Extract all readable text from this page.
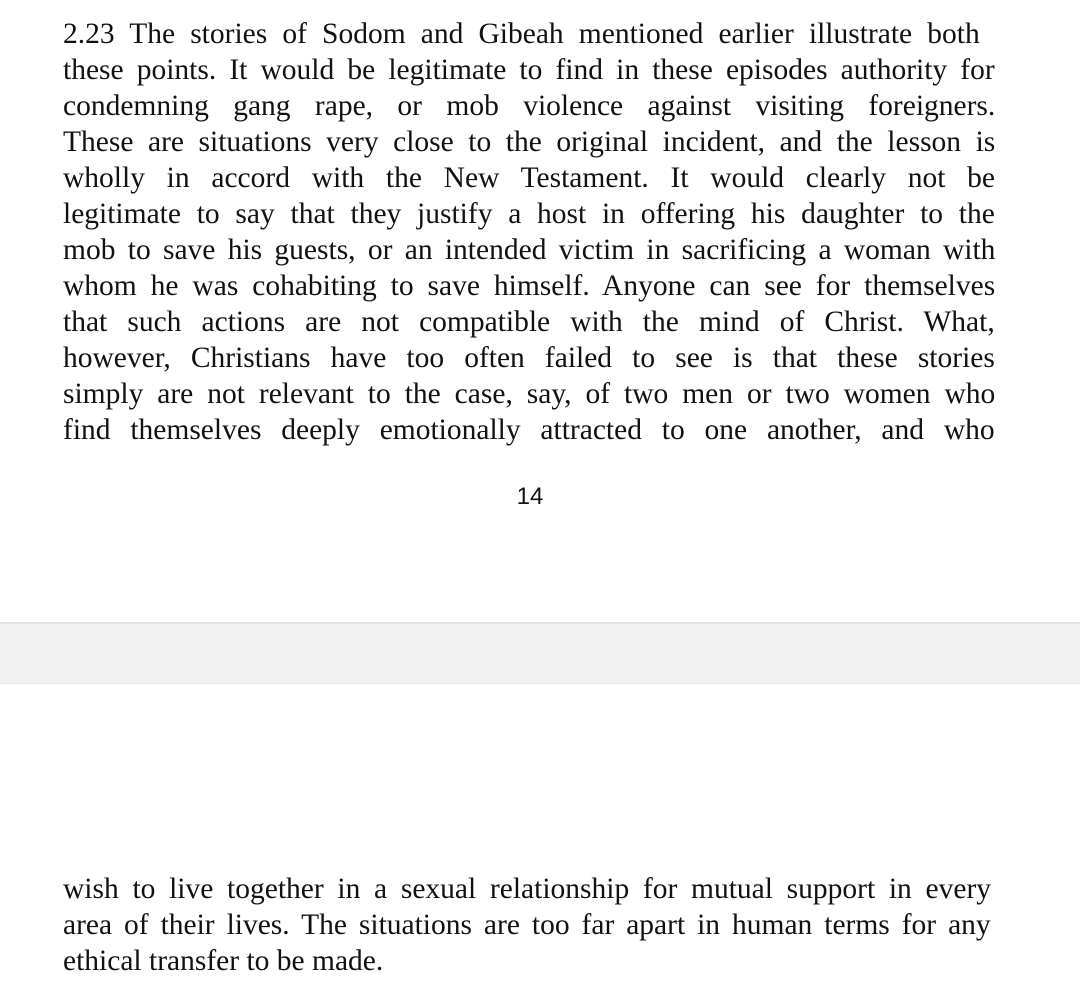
2.23 The stories of Sodom and Gibeah mentioned earlier illustrate both
these points. It would be legitimate to find in these episodes authority for
condemning gang rape, or mob violence against visiting foreigners.
These are situations very close to the original incident, and the lesson is
wholly in accord with the New Testament. It would clearly not be
legitimate to say that they justify a host in offering his daughter to the
mob to save his guests, or an intended victim in sacrificing a woman with
whom he was cohabiting to save himself. Anyone can see for themselves
that such actions are not compatible with the mind of Christ. What,
however, Christians have too often failed to see is that these stories
simply are not relevant to the case, say, of two men or two women who
find themselves deeply emotionally attracted to one another, and who
14
wish to live together in a sexual relationship for mutual support in every
area of their lives. The situations are too far apart in human terms for any
ethical transfer to be made.
